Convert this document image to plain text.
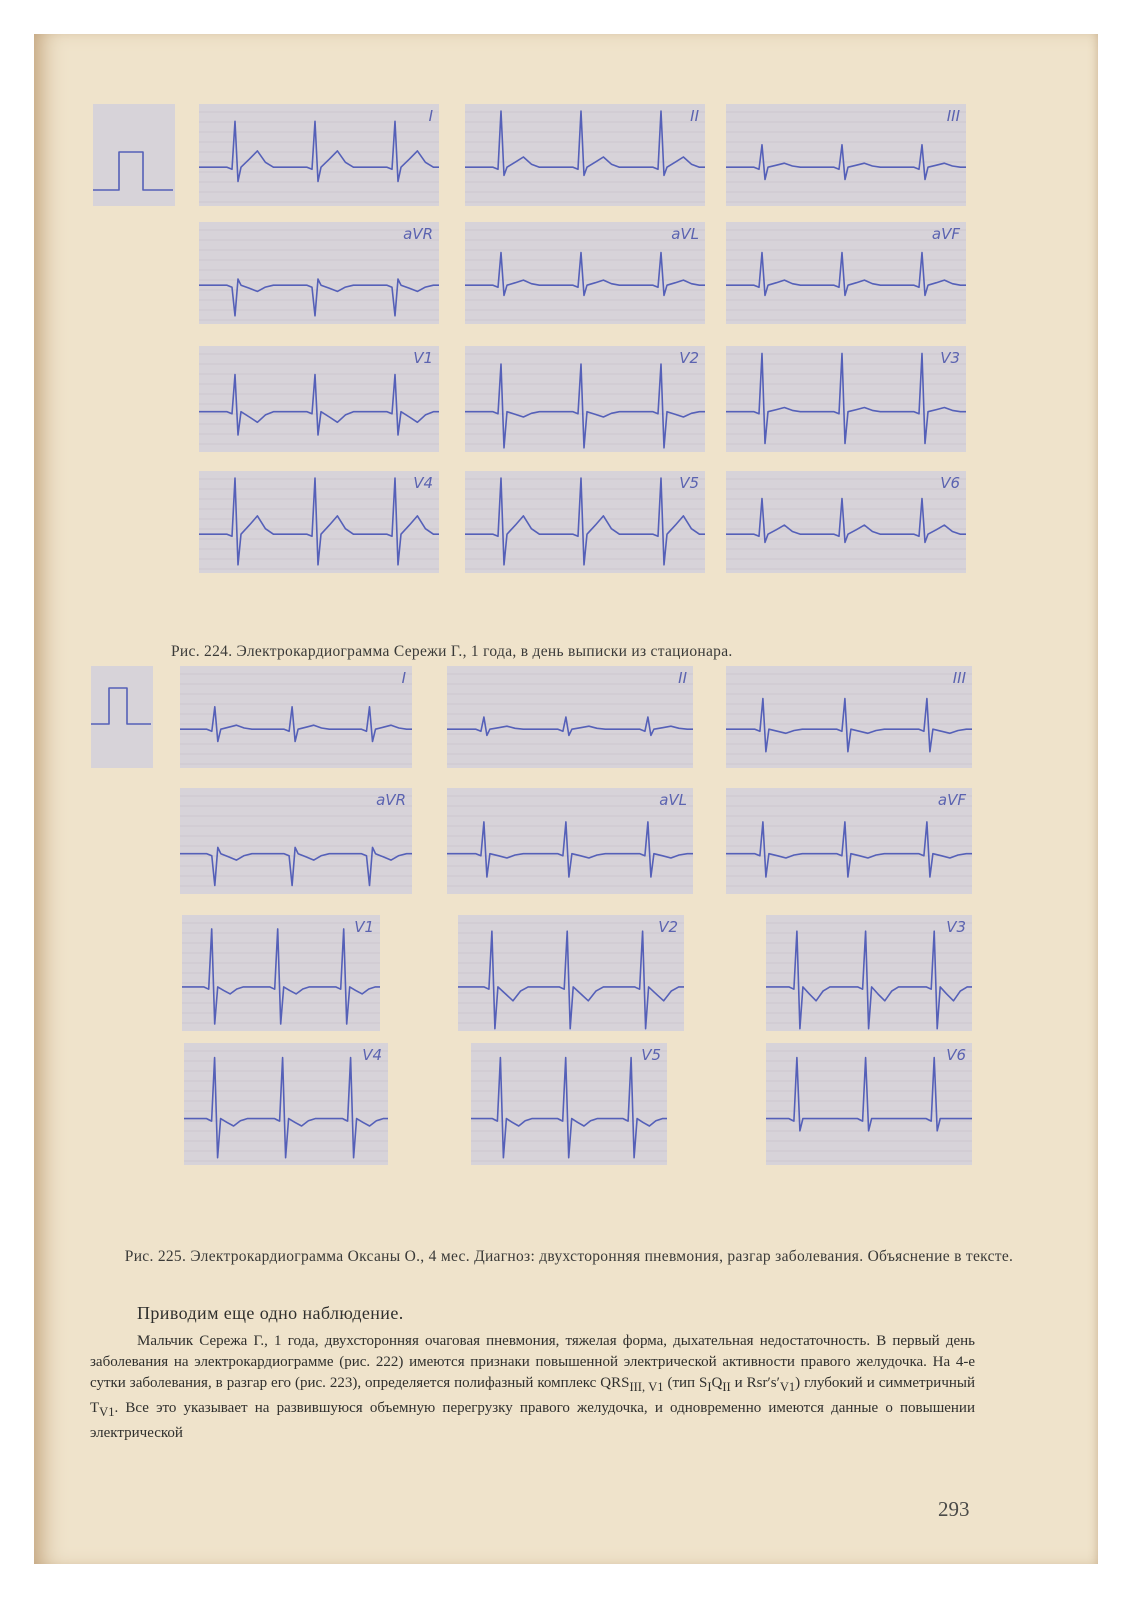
I	II	III
aVR	aVL	aVF
V1	V2	V3
V4	V5	V6
Рис. 224. Электрокардиограмма Сережи Г., 1 года, в день выписки из стационара.
I	II	III
aVR	aVL	aVF
V1	V2	V3
V4	V5	V6
Рис. 225. Электрокардиограмма Оксаны О., 4 мес. Диагноз: двухсторонняя пневмония, разгар заболевания. Объяснение в тексте.
Приводим еще одно наблюдение.

Мальчик Сережа Г., 1 года, двухсторонняя очаговая пневмония, тяжелая форма, дыхательная недостаточность. В первый день заболевания на электрокардиограмме (рис. 222) имеются признаки повышенной электрической активности правого желудочка. На 4-е сутки заболевания, в разгар его (рис. 223), определяется полифазный комплекс $QRS_{III, V1}$ (тип $S_IQ_{II}$ и $Rsr's'_{V1}$) глубокий и симметричный $T_{V1}$. Все это указывает на развившуюся объемную перегрузку правого желудочка, и одновременно имеются данные о повышении электрической

293
